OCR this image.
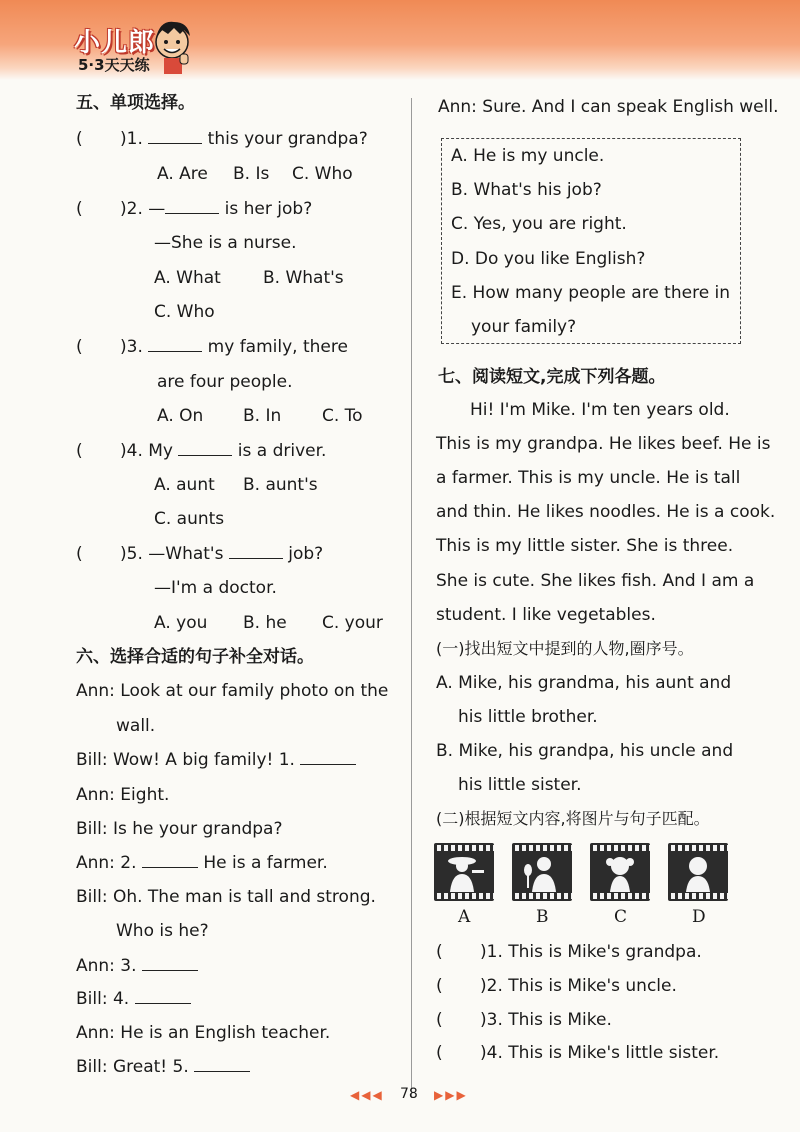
小儿郎
5·3天天练
五、单项选择。
( )1.	this your grandpa?
A. Are B. Is C. Who
( )2. —	is her job?
—She is a nurse.
A. What B. What's
C. Who
( )3.	my family, there
are four people.
A. On B. In C. To
( )4. My	is a driver.
A. aunt B. aunt's
C. aunts
( )5. —What's	job?
—I'm a doctor.
A. you B. he C. your
六、选择合适的句子补全对话。
Ann: Look at our family photo on the
wall.
Bill: Wow! A big family! 1.
Ann: Eight.
Bill: Is he your grandpa?
Ann: 2.	He is a farmer.
Bill: Oh. The man is tall and strong.
Who is he?
Ann: 3.
Bill: 4.
Ann: He is an English teacher.
Bill: Great! 5.
Ann: Sure. And I can speak English well.
A. He is my uncle.
B. What's his job?
C. Yes, you are right.
D. Do you like English?
E. How many people are there in
your family?
七、阅读短文,完成下列各题。
Hi! I'm Mike. I'm ten years old.
This is my grandpa. He likes beef. He is
a farmer. This is my uncle. He is tall
and thin. He likes noodles. He is a cook.
This is my little sister. She is three.
She is cute. She likes fish. And I am a
student. I like vegetables.
(一)找出短文中提到的人物,圈序号。
A. Mike, his grandma, his aunt and
his little brother.
B. Mike, his grandpa, his uncle and
his little sister.
(二)根据短文内容,将图片与句子匹配。
A	B	C	D
( )1. This is Mike's grandpa.
( )2. This is Mike's uncle.
( )3. This is Mike.
( )4. This is Mike's little sister.
◀◀◀ 78 ▶▶▶
